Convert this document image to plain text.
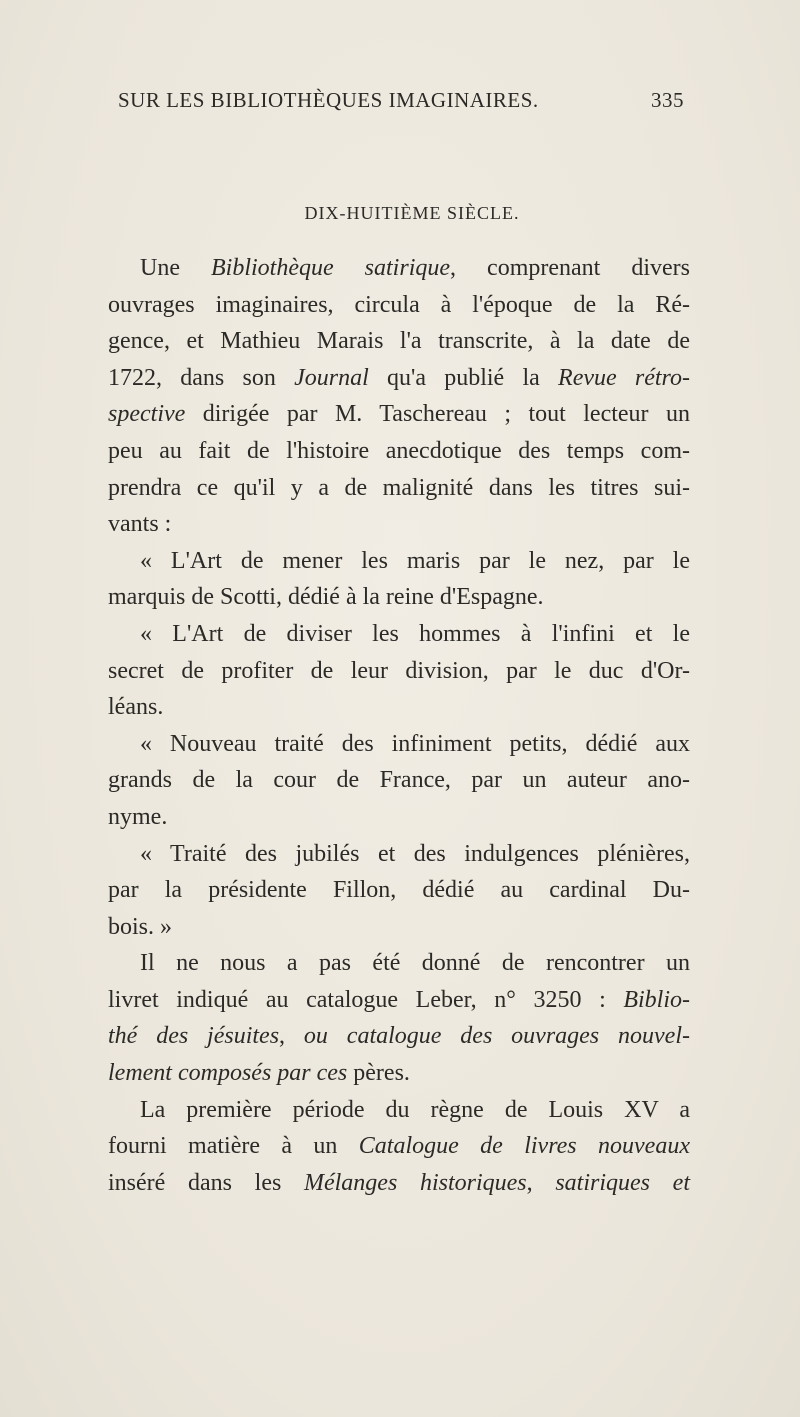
SUR LES BIBLIOTHÈQUES IMAGINAIRES.	335
DIX-HUITIÈME SIÈCLE.

Une Bibliothèque satirique, comprenant divers
ouvrages imaginaires, circula à l'époque de la Ré-
gence, et Mathieu Marais l'a transcrite, à la date de
1722, dans son Journal qu'a publié la Revue rétro-
spective dirigée par M. Taschereau ; tout lecteur un
peu au fait de l'histoire anecdotique des temps com-
prendra ce qu'il y a de malignité dans les titres sui-
vants :

« L'Art de mener les maris par le nez, par le
marquis de Scotti, dédié à la reine d'Espagne.

« L'Art de diviser les hommes à l'infini et le
secret de profiter de leur division, par le duc d'Or-
léans.

« Nouveau traité des infiniment petits, dédié aux
grands de la cour de France, par un auteur ano-
nyme.

« Traité des jubilés et des indulgences plénières,
par la présidente Fillon, dédié au cardinal Du-
bois. »

Il ne nous a pas été donné de rencontrer un
livret indiqué au catalogue Leber, n° 3250 : Biblio-
thé des jésuites, ou catalogue des ouvrages nouvel-
lement composés par ces pères.

La première période du règne de Louis XV a
fourni matière à un Catalogue de livres nouveaux
inséré dans les Mélanges historiques, satiriques et
